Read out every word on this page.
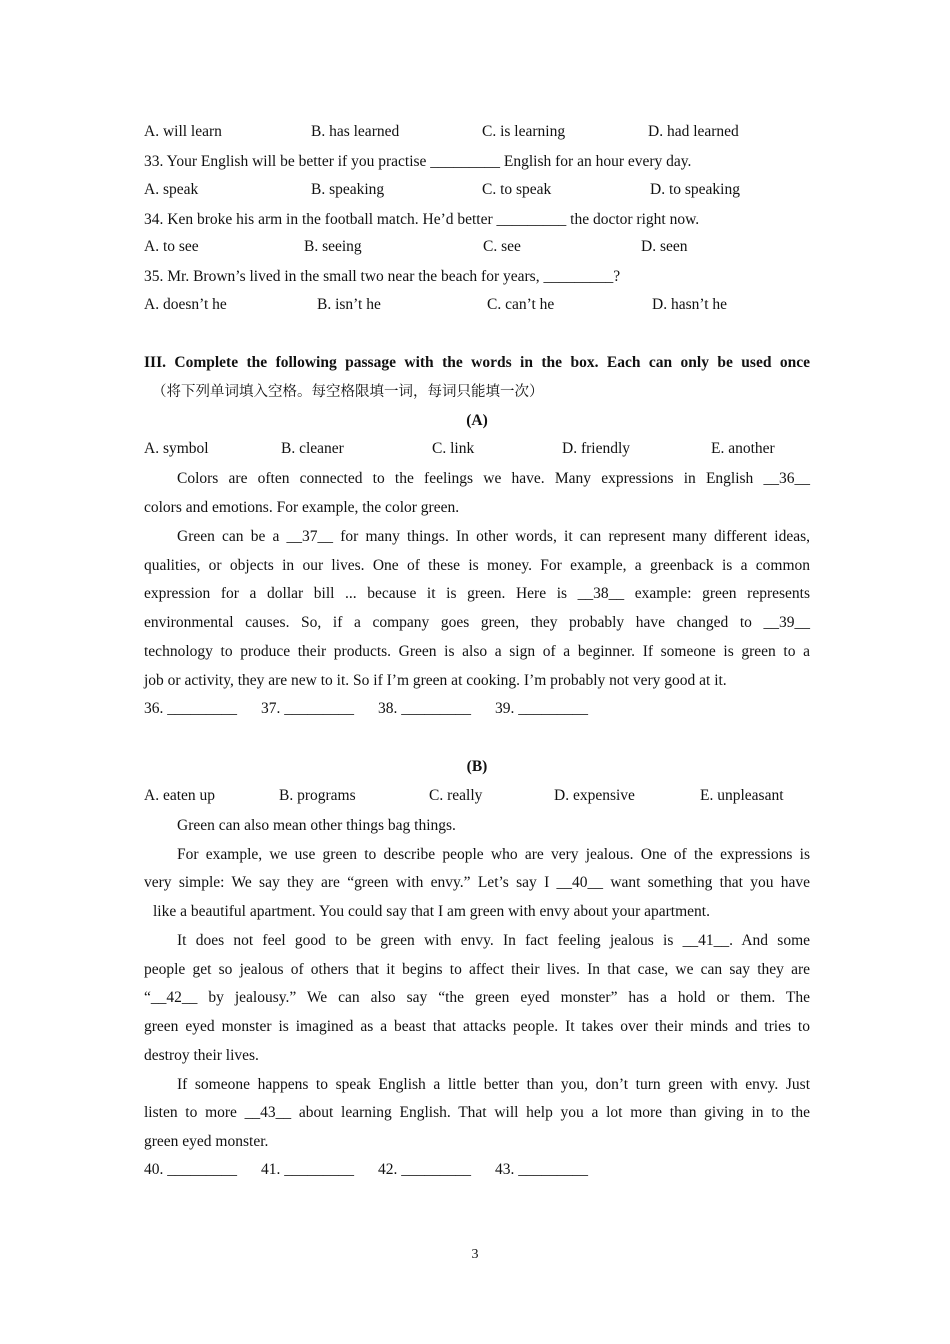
A. will learn	B. has learned	C. is learning	D. had learned
33. Your English will be better if you practise _________ English for an hour every day.
A. speak	B. speaking	C. to speak	D. to speaking
34. Ken broke his arm in the football match. He’d better _________ the doctor right now.
A. to see	B. seeing	C. see	D. seen
35. Mr. Brown’s lived in the small two near the beach for years, _________?
A. doesn’t he	B. isn’t he	C. can’t he	D. hasn’t he
III. Complete the following passage with the words in the box. Each can only be used once
（将下列单词填入空格。每空格限填一词，每词只能填一次）
(A)
A. symbol	B. cleaner	C. link	D. friendly	E. another
Colors are often connected to the feelings we have. Many expressions in English __36__
colors and emotions. For example, the color green.
Green can be a __37__ for many things. In other words, it can represent many different ideas,
qualities, or objects in our lives. One of these is money. For example, a greenback is a common
expression for a dollar bill ... because it is green. Here is __38__ example: green represents
environmental causes. So, if a company goes green, they probably have changed to __39__
technology to produce their products. Green is also a sign of a beginner. If someone is green to a
job or activity, they are new to it. So if I’m green at cooking. I’m probably not very good at it.
36. _________ 37. _________ 38. _________ 39. _________
(B)
A. eaten up	B. programs	C. really	D. expensive	E. unpleasant
Green can also mean other things bag things.
For example, we use green to describe people who are very jealous. One of the expressions is
very simple: We say they are “green with envy.” Let’s say I __40__ want something that you have
like a beautiful apartment. You could say that I am green with envy about your apartment.
It does not feel good to be green with envy. In fact feeling jealous is __41__. And some
people get so jealous of others that it begins to affect their lives. In that case, we can say they are
“__42__ by jealousy.” We can also say “the green eyed monster” has a hold or them. The
green eyed monster is imagined as a beast that attacks people. It takes over their minds and tries to
destroy their lives.
If someone happens to speak English a little better than you, don’t turn green with envy. Just
listen to more __43__ about learning English. That will help you a lot more than giving in to the
green eyed monster.
40. _________ 41. _________ 42. _________ 43. _________
3
